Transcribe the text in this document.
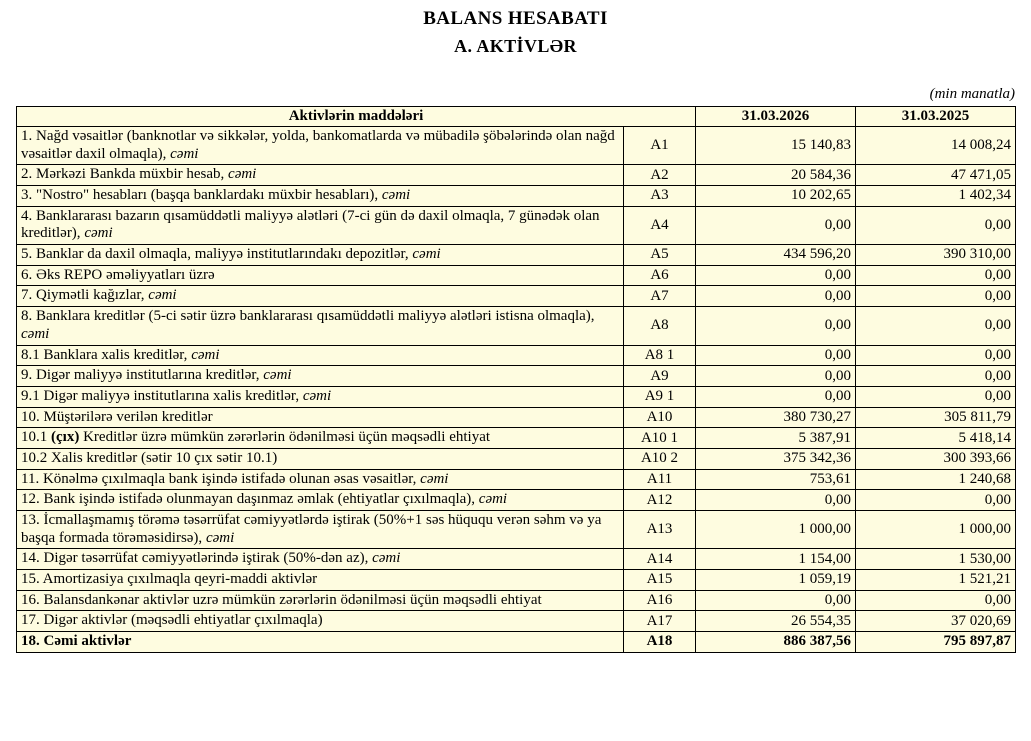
BALANS HESABATI
A. AKTİVLƏR
(min manatla)
Aktivlərin maddələri		31.03.2026	31.03.2025
1. Nağd vəsaitlər (banknotlar və sikkələr, yolda, bankomatlarda və mübadilə şöbələrində olan nağd vəsaitlər daxil olmaqla), cəmi	A1	15 140,83	14 008,24
2. Mərkəzi Bankda müxbir hesab, cəmi	A2	20 584,36	47 471,05
3. "Nostro" hesabları (başqa banklardakı müxbir hesabları), cəmi	A3	10 202,65	1 402,34
4. Banklararası bazarın qısamüddətli maliyyə alətləri (7-ci gün də daxil olmaqla, 7 günədək olan kreditlər), cəmi	A4	0,00	0,00
5. Banklar da daxil olmaqla, maliyyə institutlarındakı depozitlər, cəmi	A5	434 596,20	390 310,00
6. Əks REPO əməliyyatları üzrə	A6	0,00	0,00
7. Qiymətli kağızlar, cəmi	A7	0,00	0,00
8. Banklara kreditlər (5-ci sətir üzrə banklararası qısamüddətli maliyyə alətləri istisna olmaqla), cəmi	A8	0,00	0,00
8.1 Banklara xalis kreditlər, cəmi	A8 1	0,00	0,00
9. Digər maliyyə institutlarına kreditlər, cəmi	A9	0,00	0,00
9.1 Digər maliyyə institutlarına xalis kreditlər, cəmi	A9 1	0,00	0,00
10. Müştərilərə verilən kreditlər	A10	380 730,27	305 811,79
10.1 (çıx) Kreditlər üzrə mümkün zərərlərin ödənilməsi üçün məqsədli ehtiyat	A10 1	5 387,91	5 418,14
10.2 Xalis kreditlər (sətir 10 çıx sətir 10.1)	A10 2	375 342,36	300 393,66
11. Könəlmə çıxılmaqla bank işində istifadə olunan əsas vəsaitlər, cəmi	A11	753,61	1 240,68
12. Bank işində istifadə olunmayan daşınmaz əmlak (ehtiyatlar çıxılmaqla), cəmi	A12	0,00	0,00
13. İcmallaşmamış törəmə təsərrüfat cəmiyyətlərdə iştirak (50%+1 səs hüququ verən səhm və ya başqa formada törəməsidirsə), cəmi	A13	1 000,00	1 000,00
14. Digər təsərrüfat cəmiyyətlərində iştirak (50%-dən az), cəmi	A14	1 154,00	1 530,00
15. Amortizasiya çıxılmaqla qeyri-maddi aktivlər	A15	1 059,19	1 521,21
16. Balansdankənar aktivlər uzrə mümkün zərərlərin ödənilməsi üçün məqsədli ehtiyat	A16	0,00	0,00
17. Digər aktivlər (məqsədli ehtiyatlar çıxılmaqla)	A17	26 554,35	37 020,69
18. Cəmi aktivlər	A18	886 387,56	795 897,87
